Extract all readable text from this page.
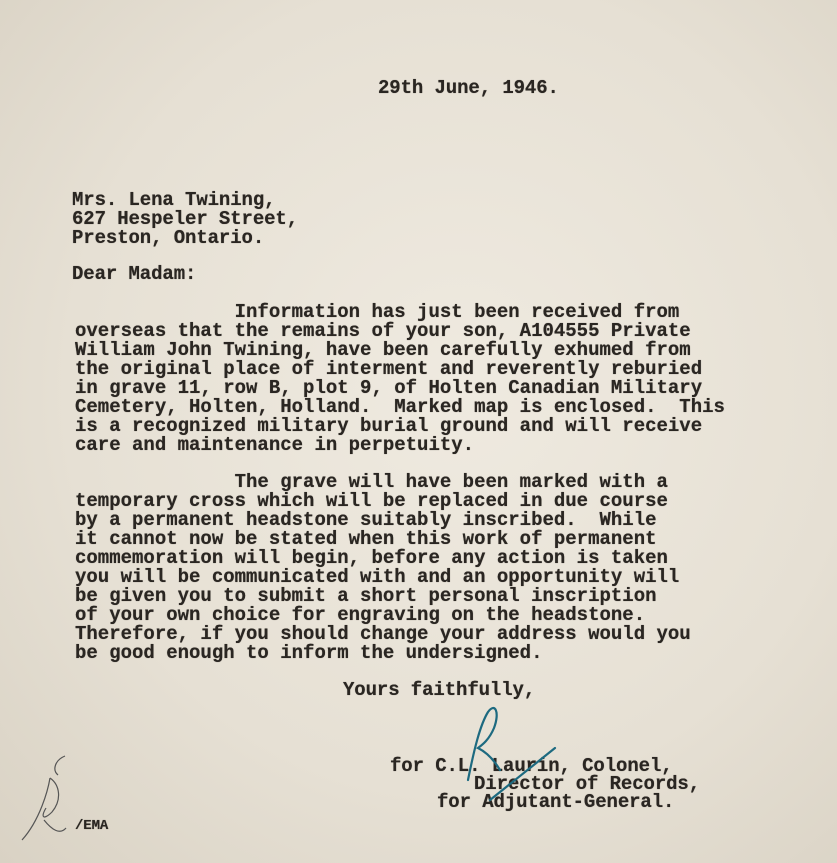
29th June, 1946.
Mrs. Lena Twining,
627 Hespeler Street,
Preston, Ontario.
Dear Madam:
Information has just been received from
overseas that the remains of your son, A104555 Private
William John Twining, have been carefully exhumed from
the original place of interment and reverently reburied
in grave 11, row B, plot 9, of Holten Canadian Military
Cemetery, Holten, Holland.  Marked map is enclosed.  This
is a recognized military burial ground and will receive
care and maintenance in perpetuity.
The grave will have been marked with a
temporary cross which will be replaced in due course
by a permanent headstone suitably inscribed.  While
it cannot now be stated when this work of permanent
commemoration will begin, before any action is taken
you will be communicated with and an opportunity will
be given you to submit a short personal inscription
of your own choice for engraving on the headstone.
Therefore, if you should change your address would you
be good enough to inform the undersigned.
Yours faithfully,
for C.L. Laurin, Colonel,
Director of Records,
for Adjutant-General.
/EMA
